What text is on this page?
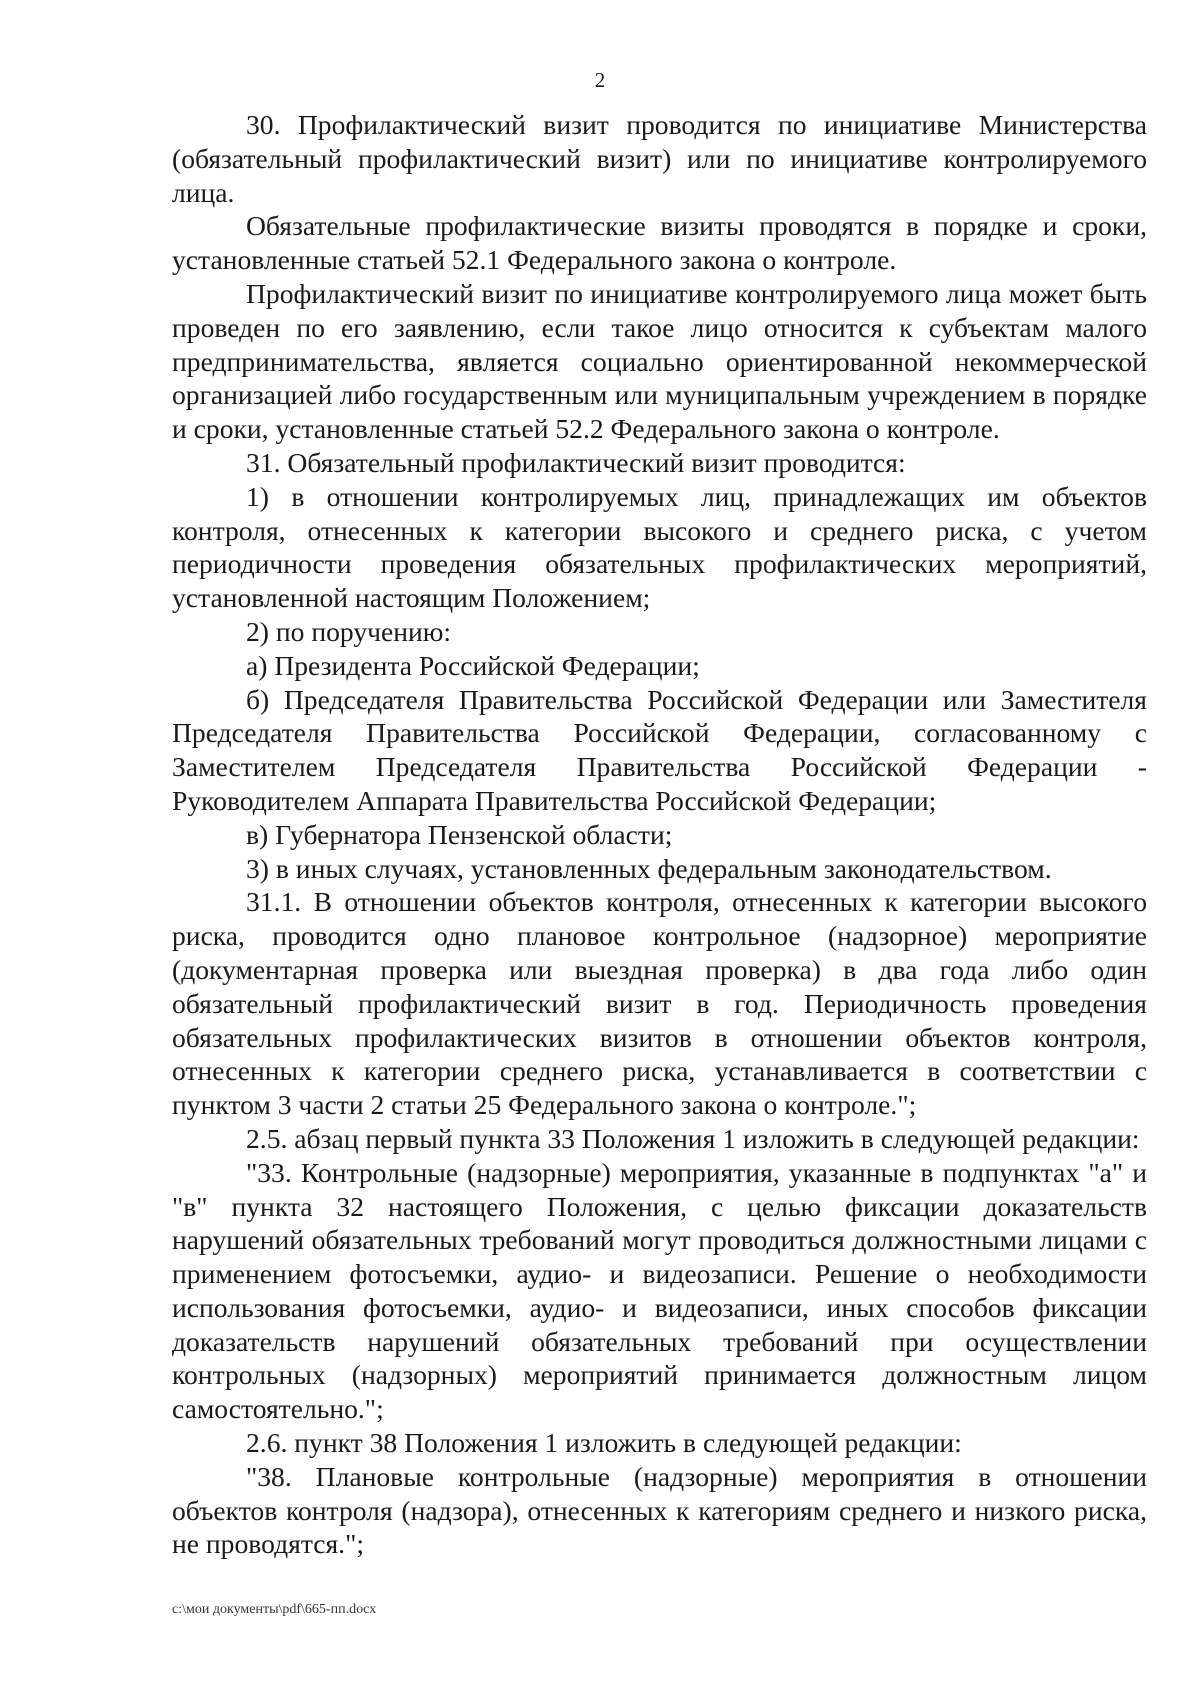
2

30. Профилактический визит проводится по инициативе Министерства (обязательный профилактический визит) или по инициативе контролируемого лица.

Обязательные профилактические визиты проводятся в порядке и сроки, установленные статьей 52.1 Федерального закона о контроле.

Профилактический визит по инициативе контролируемого лица может быть проведен по его заявлению, если такое лицо относится к субъектам малого предпринимательства, является социально ориентированной некоммерческой организацией либо государственным или муниципальным учреждением в порядке и сроки, установленные статьей 52.2 Федерального закона о контроле.

31. Обязательный профилактический визит проводится:

1) в отношении контролируемых лиц, принадлежащих им объектов контроля, отнесенных к категории высокого и среднего риска, с учетом периодичности проведения обязательных профилактических мероприятий, установленной настоящим Положением;

2) по поручению:

а) Президента Российской Федерации;

б) Председателя Правительства Российской Федерации или Заместителя Председателя Правительства Российской Федерации, согласованному с Заместителем Председателя Правительства Российской Федерации - Руководителем Аппарата Правительства Российской Федерации;

в) Губернатора Пензенской области;

3) в иных случаях, установленных федеральным законодательством.

31.1. В отношении объектов контроля, отнесенных к категории высокого риска, проводится одно плановое контрольное (надзорное) мероприятие (документарная проверка или выездная проверка) в два года либо один обязательный профилактический визит в год. Периодичность проведения обязательных профилактических визитов в отношении объектов контроля, отнесенных к категории среднего риска, устанавливается в соответствии с пунктом 3 части 2 статьи 25 Федерального закона о контроле.";

2.5. абзац первый пункта 33 Положения 1 изложить в следующей редакции:

"33. Контрольные (надзорные) мероприятия, указанные в подпунктах "а" и "в" пункта 32 настоящего Положения, с целью фиксации доказательств нарушений обязательных требований могут проводиться должностными лицами с применением фотосъемки, аудио- и видеозаписи. Решение о необходимости использования фотосъемки, аудио- и видеозаписи, иных способов фиксации доказательств нарушений обязательных требований при осуществлении контрольных (надзорных) мероприятий принимается должностным лицом самостоятельно.";

2.6. пункт 38 Положения 1 изложить в следующей редакции:

"38. Плановые контрольные (надзорные) мероприятия в отношении объектов контроля (надзора), отнесенных к категориям среднего и низкого риска, не проводятся.";

c:\мои документы\pdf\665-пп.docx
